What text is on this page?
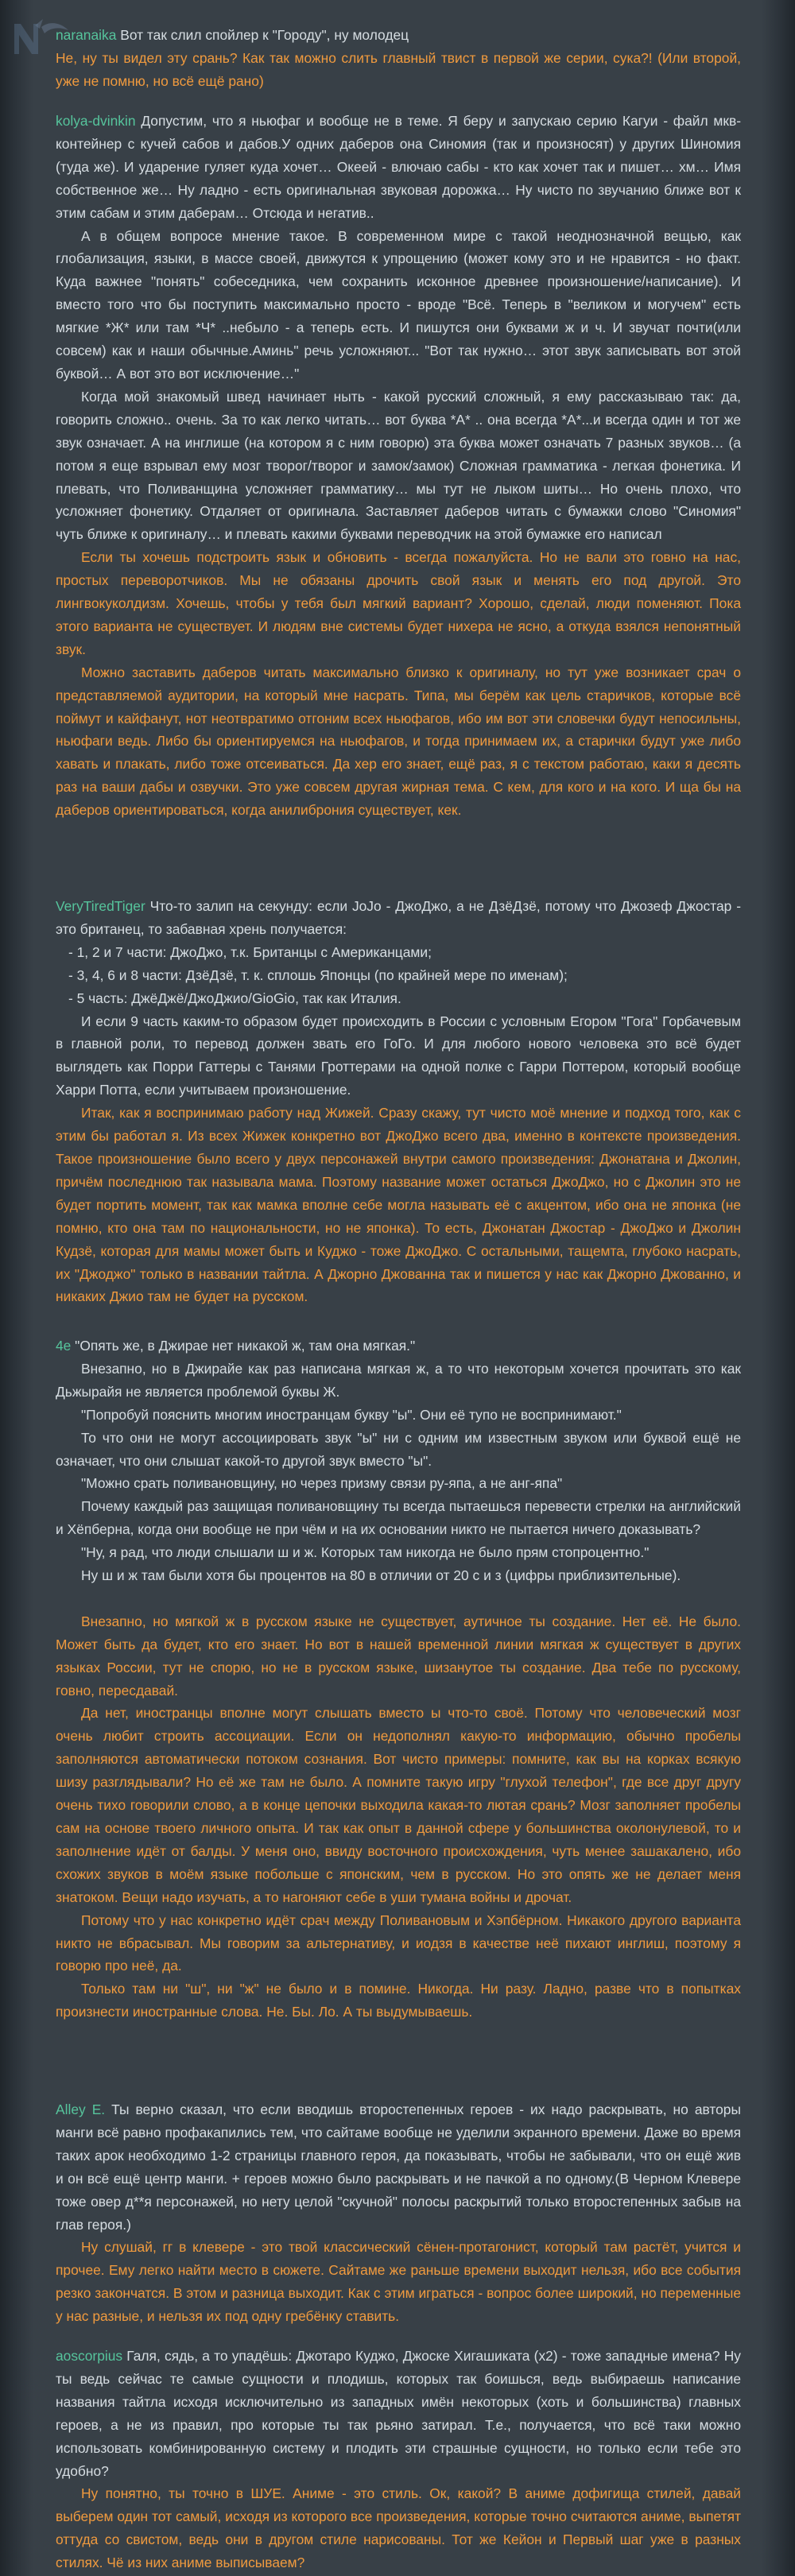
naranaika Вот так слил спойлер к "Городу", ну молодец

Не, ну ты видел эту срань? Как так можно слить главный твист в первой же серии, сука?! (Или второй, уже не помню, но всё ещё рано)

kolya-dvinkin Допустим, что я ньюфаг и вообще не в теме. Я беру и запускаю серию Кагуи - файл мкв-контейнер с кучей сабов и дабов.У одних даберов она Синомия (так и произносят) у других Шиномия (туда же). И ударение гуляет куда хочет… Океей - влючаю сабы - кто как хочет так и пишет… хм… Имя собственное же… Ну ладно - есть оригинальная звуковая дорожка… Ну чисто по звучанию ближе вот к этим сабам и этим даберам… Отсюда и негатив..

А в общем вопросе мнение такое. В современном мире с такой неоднозначной вещью, как глобализация, языки, в массе своей, движутся к упрощению (может кому это и не нравится - но факт. Куда важнее "понять" собеседника, чем сохранить исконное древнее произношение/написание). И вместо того что бы поступить максимально просто - вроде "Всё. Теперь в "великом и могучем" есть мягкие *Ж* или там *Ч* ..небыло - а теперь есть. И пишутся они буквами ж и ч. И звучат почти(или совсем) как и наши обычные.Аминь" речь усложняют... "Вот так нужно… этот звук записывать вот этой буквой… А вот это вот исключение…"

Когда мой знакомый швед начинает ныть - какой русский сложный, я ему рассказываю так: да, говорить сложно.. очень. За то как легко читать… вот буква *А* .. она всегда *А*...и всегда один и тот же звук означает. А на инглише (на котором я с ним говорю) эта буква может означать 7 разных звуков… (а потом я еще взрывал ему мозг творог/творог и замок/замок) Сложная грамматика - легкая фонетика. И плевать, что Поливанщина усложняет грамматику… мы тут не лыком шиты… Но очень плохо, что усложняет фонетику. Отдаляет от оригинала. Заставляет даберов читать с бумажки слово "Синомия" чуть ближе к оригиналу… и плевать какими буквами переводчик на этой бумажке его написал

Если ты хочешь подстроить язык и обновить - всегда пожалуйста. Но не вали это говно на нас, простых переворотчиков. Мы не обязаны дрочить свой язык и менять его под другой. Это лингвокуколдизм. Хочешь, чтобы у тебя был мягкий вариант? Хорошо, сделай, люди поменяют. Пока этого варианта не существует. И людям вне системы будет нихера не ясно, а откуда взялся непонятный звук.

Можно заставить даберов читать максимально близко к оригиналу, но тут уже возникает срач о представляемой аудитории, на который мне насрать. Типа, мы берём как цель старичков, которые всё поймут и кайфанут, нот неотвратимо отгоним всех ньюфагов, ибо им вот эти словечки будут непосильны, ньюфаги ведь. Либо бы ориентируемся на ньюфагов, и тогда принимаем их, а старички будут уже либо хавать и плакать, либо тоже отсеиваться. Да хер его знает, ещё раз, я с текстом работаю, каки я десять раз на ваши дабы и озвучки. Это уже совсем другая жирная тема. С кем, для кого и на кого. И ща бы на даберов ориентироваться, когда анилиброния существует, кек.

VeryTiredTiger Что-то залип на секунду: если JoJo - ДжоДжо, а не ДзёДзё, потому что Джозеф Джостар - это британец, то забавная хрень получается:

- 1, 2 и 7 части: ДжоДжо, т.к. Британцы с Американцами;

- 3, 4, 6 и 8 части: ДзёДзё, т. к. сплошь Японцы (по крайней мере по именам);

- 5 часть: ДжёДжё/ДжоДжио/GioGio, так как Италия.

И если 9 часть каким-то образом будет происходить в России с условным Егором "Гога" Горбачевым в главной роли, то перевод должен звать его ГоГо. И для любого нового человека это всё будет выглядеть как Порри Гаттеры с Танями Гроттерами на одной полке с Гарри Поттером, который вообще Харри Потта, если учитываем произношение.

Итак, как я воспринимаю работу над Жижей. Сразу скажу, тут чисто моё мнение и подход того, как с этим бы работал я. Из всех Жижек конкретно вот ДжоДжо всего два, именно в контексте произведения. Такое произношение было всего у двух персонажей внутри самого произведения: Джонатана и Джолин, причём последнюю так называла мама. Поэтому название может остаться ДжоДжо, но с Джолин это не будет портить момент, так как мамка вполне себе могла называть её с акцентом, ибо она не японка (не помню, кто она там по национальности, но не японка). То есть, Джонатан Джостар - ДжоДжо и Джолин Кудзё, которая для мамы может быть и Куджо - тоже ДжоДжо. С остальными, тащемта, глубоко насрать, их "Джоджо" только в названии тайтла. А Джорно Джованна так и пишется у нас как Джорно Джованно, и никаких Джио там не будет на русском.

4e "Опять же, в Джирае нет никакой ж, там она мягкая."

Внезапно, но в Джирайе как раз написана мягкая ж, а то что некоторым хочется прочитать это как Дьжырайя не является проблемой буквы Ж.

"Попробуй пояснить многим иностранцам букву "ы". Они её тупо не воспринимают."

То что они не могут ассоциировать звук "ы" ни с одним им известным звуком или буквой ещё не означает, что они слышат какой-то другой звук вместо "ы".

"Можно срать поливановщину, но через призму связи ру-япа, а не анг-япа"

Почему каждый раз защищая поливановщину ты всегда пытаешься перевести стрелки на английский и Хёпберна, когда они вообще не при чём и на их основании никто не пытается ничего доказывать?

"Ну, я рад, что люди слышали ш и ж. Которых там никогда не было прям стопроцентно."

Ну ш и ж там были хотя бы процентов на 80 в отличии от 20 с и з (цифры приблизительные).

Внезапно, но мягкой ж в русском языке не существует, аутичное ты создание. Нет её. Не было. Может быть да будет, кто его знает. Но вот в нашей временной линии мягкая ж существует в других языках России, тут не спорю, но не в русском языке, шизанутое ты создание. Два тебе по русскому, говно, пересдавай.

Да нет, иностранцы вполне могут слышать вместо ы что-то своё. Потому что человеческий мозг очень любит строить ассоциации. Если он недополнял какую-то информацию, обычно пробелы заполняются автоматически потоком сознания. Вот чисто примеры: помните, как вы на корках всякую шизу разглядывали? Но её же там не было. А помните такую игру "глухой телефон", где все друг другу очень тихо говорили слово, а в конце цепочки выходила какая-то лютая срань? Мозг заполняет пробелы сам на основе твоего личного опыта. И так как опыт в данной сфере у большинства околонулевой, то и заполнение идёт от балды. У меня оно, ввиду восточного происхождения, чуть менее зашакалено, ибо схожих звуков в моём языке побольше с японским, чем в русском. Но это опять же не делает меня знатоком. Вещи надо изучать, а то нагоняют себе в уши тумана войны и дрочат.

Потому что у нас конкретно идёт срач между Поливановым и Хэпбёрном. Никакого другого варианта никто не вбрасывал. Мы говорим за альтернативу, и иодзя в качестве неё пихают инглиш, поэтому я говорю про неё, да.

Только там ни "ш", ни "ж" не было и в помине. Никогда. Ни разу. Ладно, разве что в попытках произнести иностранные слова. Не. Бы. Ло. А ты выдумываешь.

Alley E. Ты верно сказал, что если вводишь второстепенных героев - их надо раскрывать, но авторы манги всё равно профакапились тем, что сайтаме вообще не уделили экранного времени. Даже во время таких арок необходимо 1-2 страницы главного героя, да показывать, чтобы не забывали, что он ещё жив и он всё ещё центр манги. + героев можно было раскрывать и не пачкой а по одному.(В Черном Клевере тоже овер д**я персонажей, но нету целой "скучной" полосы раскрытий только второстепенных забыв на глав героя.)

Ну слушай, гг в клевере - это твой классический сёнен-протагонист, который там растёт, учится и прочее. Ему легко найти место в сюжете. Сайтаме же раньше времени выходит нельзя, ибо все события резко закончатся. В этом и разница выходит. Как с этим играться - вопрос более широкий, но переменные у нас разные, и нельзя их под одну гребёнку ставить.

aoscorpius Галя, сядь, а то упадёшь: Джотаро Куджо, Джоске Хигашиката (х2) - тоже западные имена? Ну ты ведь сейчас те самые сущности и плодишь, которых так боишься, ведь выбираешь написание названия тайтла исходя исключительно из западных имён некоторых (хоть и большинства) главных героев, а не из правил, про которые ты так рьяно затирал. Т.е., получается, что всё таки можно использовать комбинированную систему и плодить эти страшные сущности, но только если тебе это удобно?

Ну понятно, ты точно в ШУЕ. Аниме - это стиль. Ок, какой? В аниме дофигища стилей, давай выберем один тот самый, исходя из которого все произведения, которые точно считаются аниме, выпетят оттуда со свистом, ведь они в другом стиле нарисованы. Тот же Кейон и Первый шаг уже в разных стилях. Чё из них аниме выписываем?
